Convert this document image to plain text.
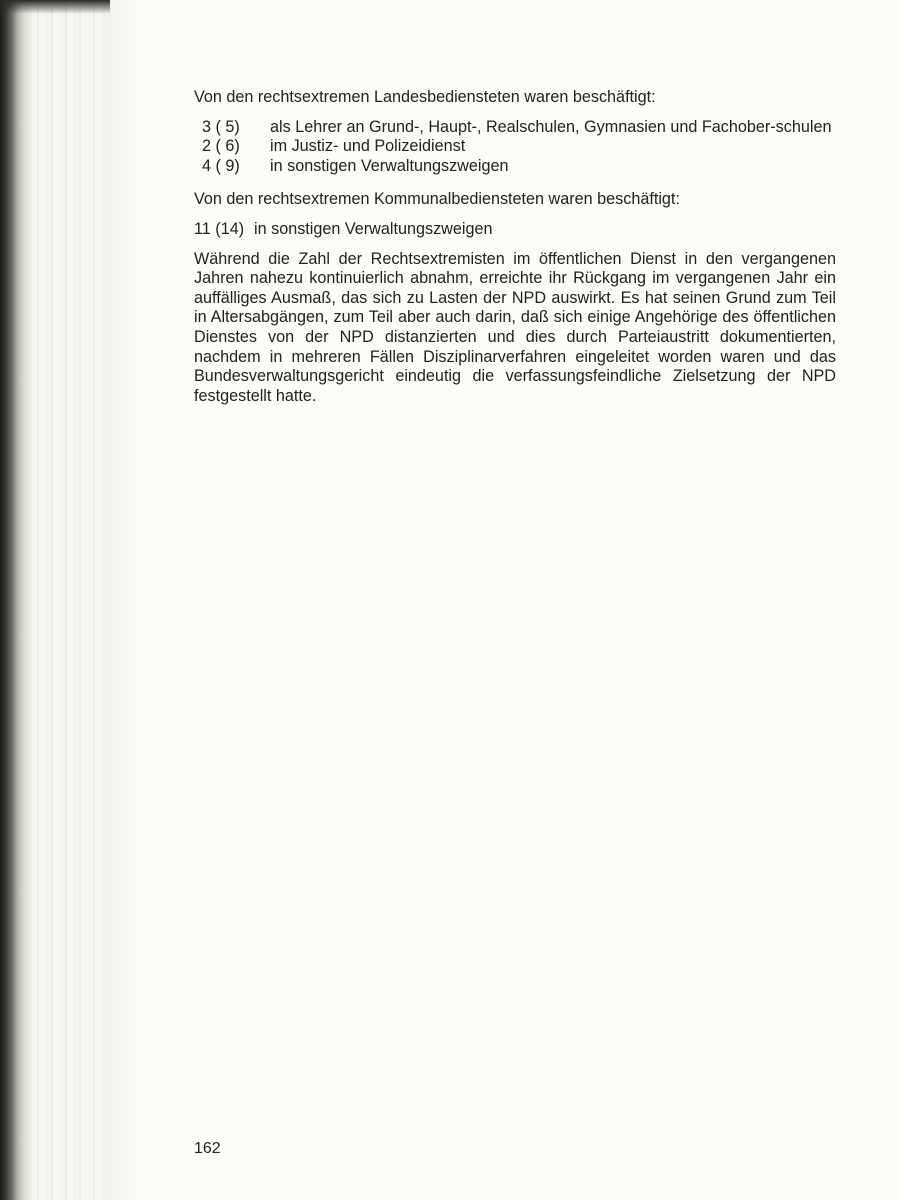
Von den rechtsextremen Landesbediensteten waren beschäftigt:

3 ( 5)	als Lehrer an Grund-, Haupt-, Realschulen, Gymnasien und Fachober-schulen
2 ( 6)	im Justiz- und Polizeidienst
4 ( 9)	in sonstigen Verwaltungszweigen

Von den rechtsextremen Kommunalbediensteten waren beschäftigt:

11 (14) in sonstigen Verwaltungszweigen

Während die Zahl der Rechtsextremisten im öffentlichen Dienst in den vergangenen Jahren nahezu kontinuierlich abnahm, erreichte ihr Rückgang im vergangenen Jahr ein auffälliges Ausmaß, das sich zu Lasten der NPD auswirkt. Es hat seinen Grund zum Teil in Altersabgängen, zum Teil aber auch darin, daß sich einige Angehörige des öffentlichen Dienstes von der NPD distanzierten und dies durch Parteiaustritt dokumentierten, nachdem in mehreren Fällen Disziplinarverfahren eingeleitet worden waren und das Bundesverwaltungsgericht eindeutig die verfassungsfeindliche Zielsetzung der NPD festgestellt hatte.

162
